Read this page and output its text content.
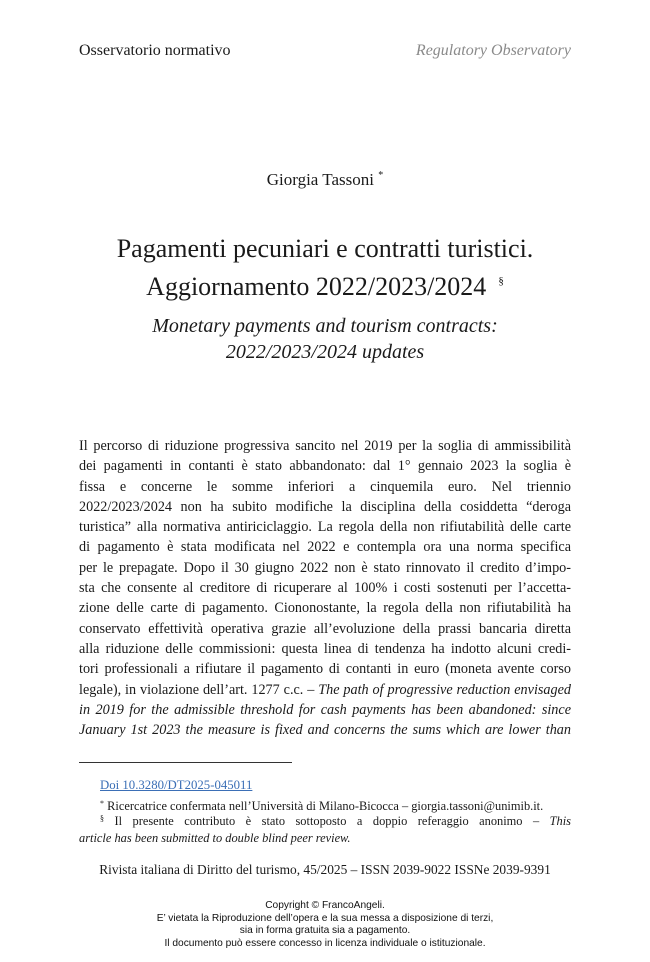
Osservatorio normativo	Regulatory Observatory
Giorgia Tassoni *
Pagamenti pecuniari e contratti turistici.
Aggiornamento 2022/2023/2024 §
Monetary payments and tourism contracts:
2022/2023/2024 updates
Il percorso di riduzione progressiva sancito nel 2019 per la soglia di ammissibilità
dei pagamenti in contanti è stato abbandonato: dal 1° gennaio 2023 la soglia è
fissa e concerne le somme inferiori a cinquemila euro. Nel triennio
2022/2023/2024 non ha subito modifiche la disciplina della cosiddetta “deroga
turistica” alla normativa antiriciclaggio. La regola della non rifiutabilità delle carte
di pagamento è stata modificata nel 2022 e contempla ora una norma specifica
per le prepagate. Dopo il 30 giugno 2022 non è stato rinnovato il credito d’impo-
sta che consente al creditore di ricuperare al 100% i costi sostenuti per l’accetta-
zione delle carte di pagamento. Ciononostante, la regola della non rifiutabilità ha
conservato effettività operativa grazie all’evoluzione della prassi bancaria diretta
alla riduzione delle commissioni: questa linea di tendenza ha indotto alcuni credi-
tori professionali a rifiutare il pagamento di contanti in euro (moneta avente corso
legale), in violazione dell’art. 1277 c.c. – The path of progressive reduction envisaged
in 2019 for the admissible threshold for cash payments has been abandoned: since
January 1st 2023 the measure is fixed and concerns the sums which are lower than
Doi 10.3280/DT2025-045011
* Ricercatrice confermata nell’Università di Milano-Bicocca – giorgia.tassoni@unimib.it.
§ Il presente contributo è stato sottoposto a doppio referaggio anonimo – This
article has been submitted to double blind peer review.
Rivista italiana di Diritto del turismo, 45/2025 – ISSN 2039-9022 ISSNe 2039-9391
Copyright © FrancoAngeli.
E’ vietata la Riproduzione dell’opera e la sua messa a disposizione di terzi,
sia in forma gratuita sia a pagamento.
Il documento può essere concesso in licenza individuale o istituzionale.
